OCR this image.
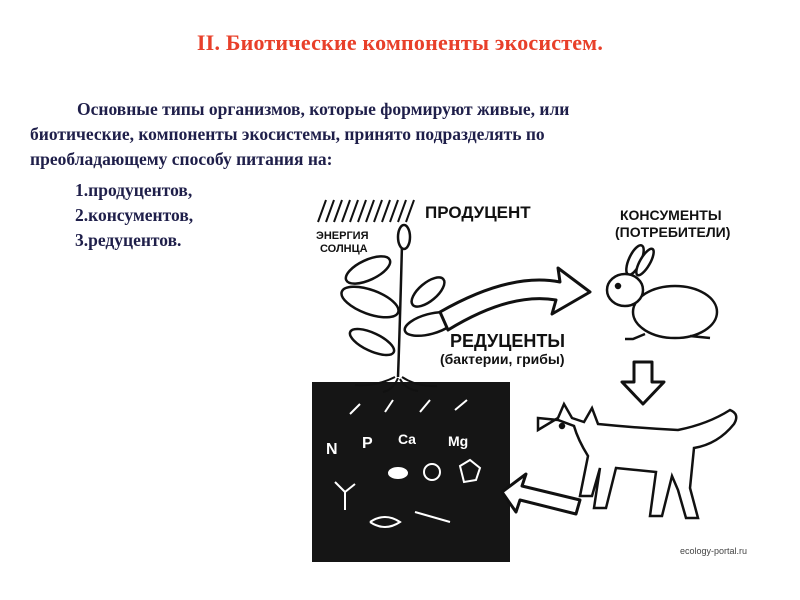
II. Биотические компоненты экосистем.
Основные типы организмов, которые формируют живые, или
биотические, компоненты экосистемы, принято подразделять по
преобладающему способу питания на:
1.продуцентов,
2.консументов,
3.редуцентов.	ЭНЕРГИЯ
СОЛНЦА
ПРОДУЦЕНТ	КОНСУМЕНТЫ
(ПОТРЕБИТЕЛИ)
N P Ca Mg
РЕДУЦЕНТЫ
(бактерии, грибы)
ecology-portal.ru
